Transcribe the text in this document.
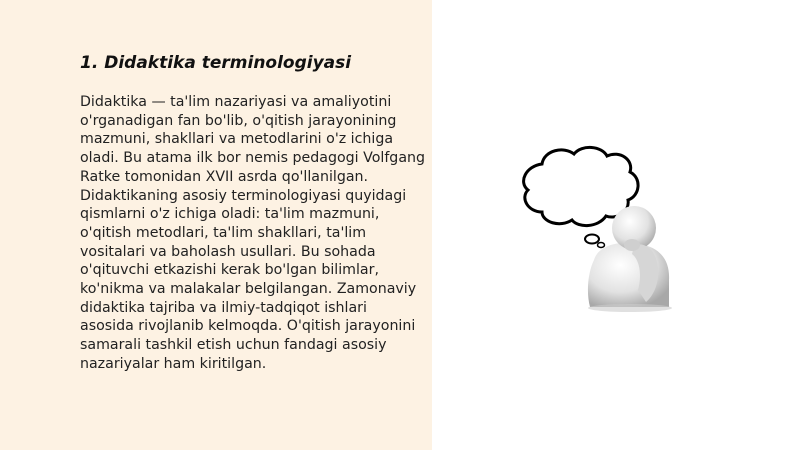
1. Didaktika terminologiyasi

Didaktika — ta'lim nazariyasi va amaliyotini o'rganadigan fan bo'lib, o'qitish jarayonining mazmuni, shakllari va metodlarini o'z ichiga oladi. Bu atama ilk bor nemis pedagogi Volfgang Ratke tomonidan XVII asrda qo'llanilgan. Didaktikaning asosiy terminologiyasi quyidagi qismlarni o'z ichiga oladi: ta'lim mazmuni, o'qitish metodlari, ta'lim shakllari, ta'lim vositalari va baholash usullari. Bu sohada o'qituvchi etkazishi kerak bo'lgan bilimlar, ko'nikma va malakalar belgilangan. Zamonaviy didaktika tajriba va ilmiy-tadqiqot ishlari asosida rivojlanib kelmoqda. O'qitish jarayonini samarali tashkil etish uchun fandagi asosiy nazariyalar ham kiritilgan.
